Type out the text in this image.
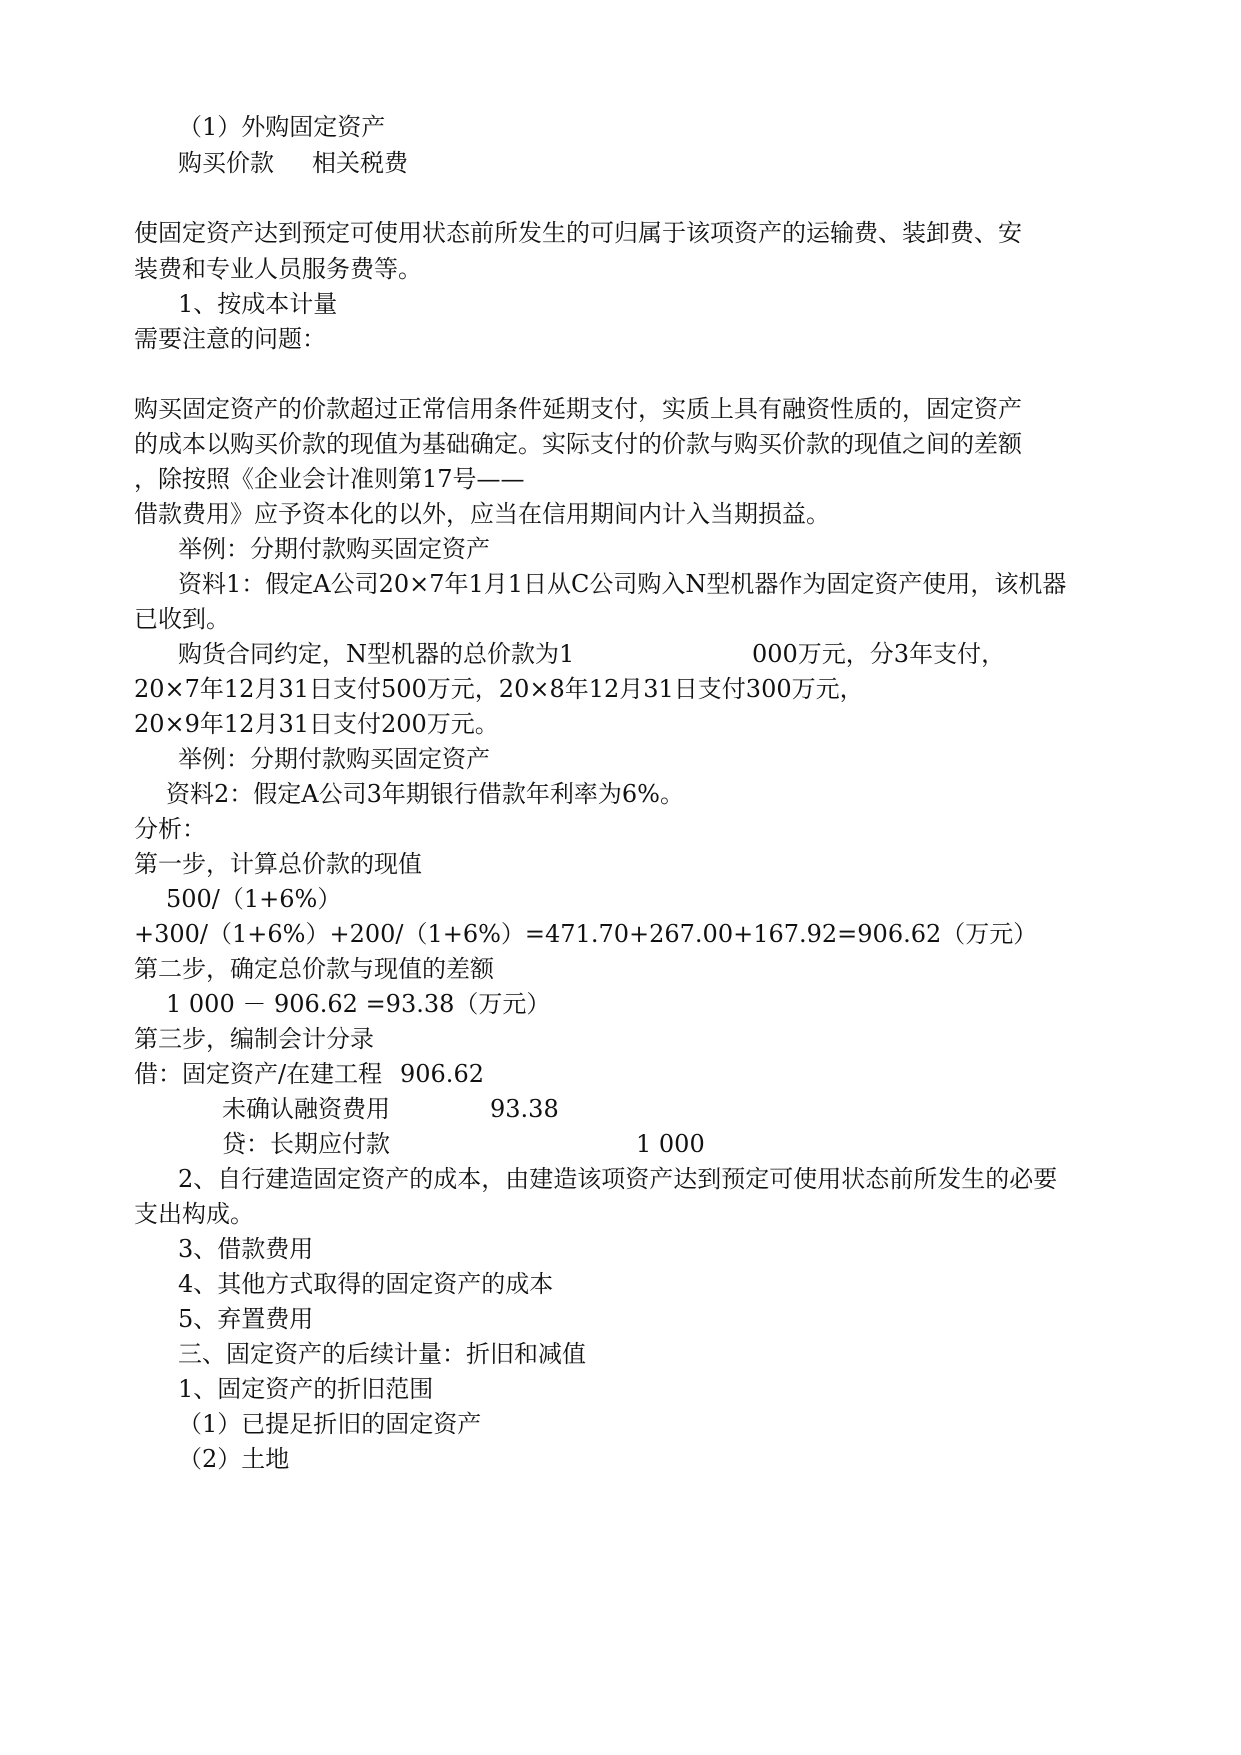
（1）外购固定资产
购买价款 相关税费
使固定资产达到预定可使用状态前所发生的可归属于该项资产的运输费、装卸费、安
装费和专业人员服务费等。
1、按成本计量
需要注意的问题：
购买固定资产的价款超过正常信用条件延期支付，实质上具有融资性质的，固定资产
的成本以购买价款的现值为基础确定。实际支付的价款与购买价款的现值之间的差额
，除按照《企业会计准则第17号——
借款费用》应予资本化的以外，应当在信用期间内计入当期损益。
举例：分期付款购买固定资产
资料1：假定A公司20×7年1月1日从C公司购入N型机器作为固定资产使用，该机器
已收到。
购货合同约定，N型机器的总价款为1	000万元，分3年支付，
20×7年12月31日支付500万元，20×8年12月31日支付300万元，
20×9年12月31日支付200万元。
举例：分期付款购买固定资产
资料2：假定A公司3年期银行借款年利率为6%。
分析：
第一步，计算总价款的现值
500/（1+6%）
+300/（1+6%）+200/（1+6%）=471.70+267.00+167.92=906.62（万元）
第二步，确定总价款与现值的差额
1 000 － 906.62 =93.38（万元）
第三步，编制会计分录
借：固定资产/在建工程 906.62
未确认融资费用	93.38
贷：长期应付款	1 000
2、自行建造固定资产的成本，由建造该项资产达到预定可使用状态前所发生的必要
支出构成。
3、借款费用
4、其他方式取得的固定资产的成本
5、弃置费用
三、固定资产的后续计量：折旧和减值
1、固定资产的折旧范围
（1）已提足折旧的固定资产
（2）土地
